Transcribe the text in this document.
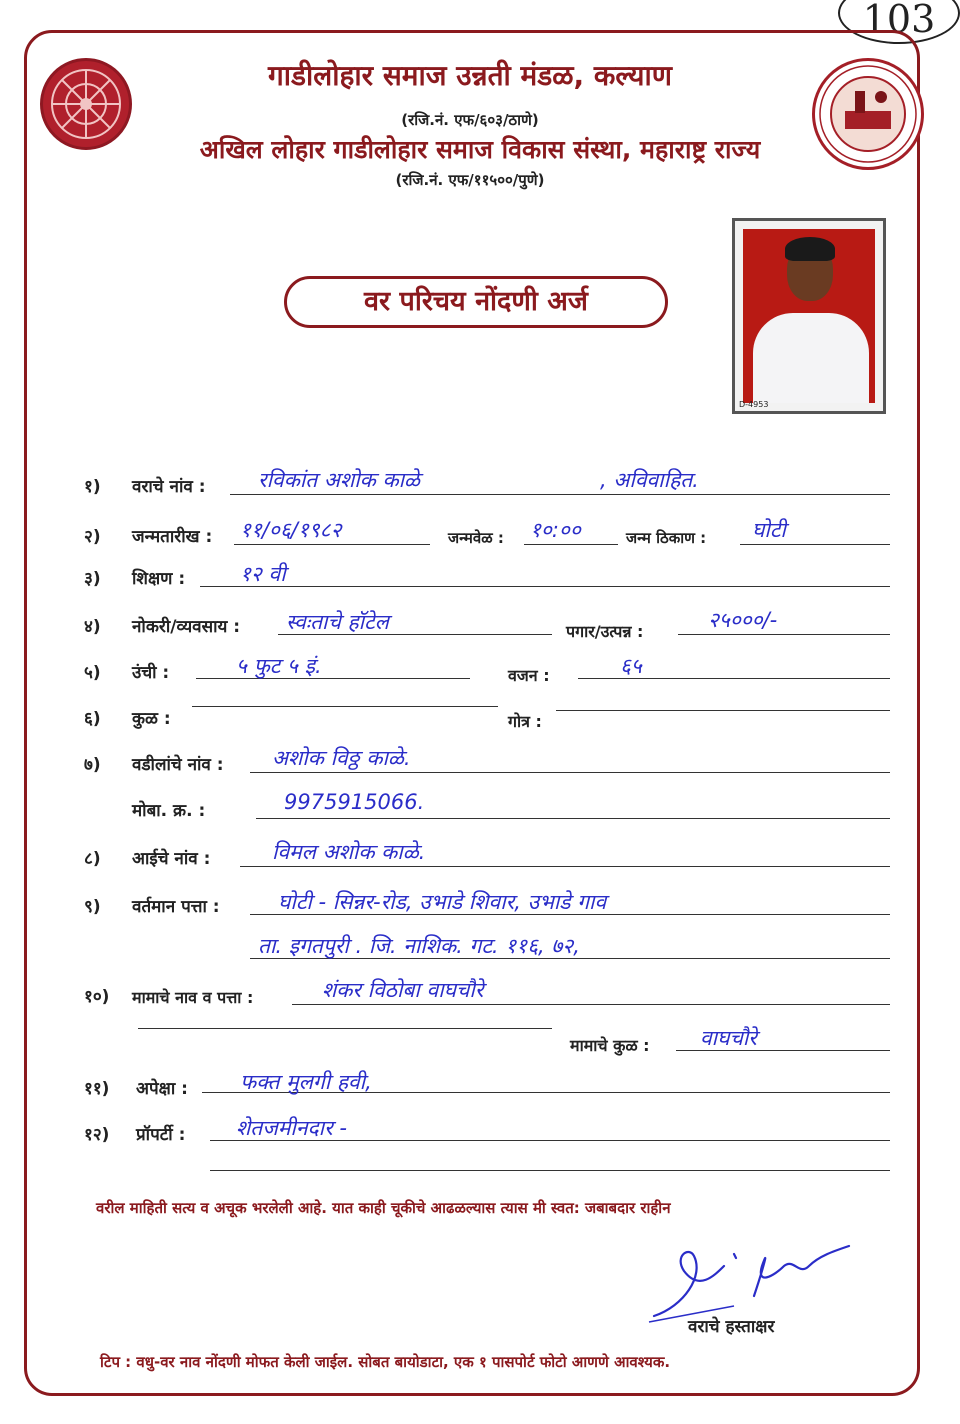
103
गाडीलोहार समाज उन्नती मंडळ, कल्याण
(रजि.नं. एफ/६०३/ठाणे)
अखिल लोहार गाडीलोहार समाज विकास संस्था, महाराष्ट्र राज्य
(रजि.नं. एफ/११५००/पुणे)
वर परिचय नोंदणी अर्ज
D-4953
१) वराचे नांव : रविकांत अशोक काळे	, अविवाहित.
२) जन्मतारीख : ११/०६/१९८२	जन्मवेळ : १०:००	जन्म ठिकाण : घोटी
३) शिक्षण :	१२ वी
४) नोकरी/व्यवसाय : स्वःताचे हॉटेल	पगार/उत्पन्न :	२५०००/-
५) उंची :	५ फुट ५ इं.	वजन :	६५
६) कुळ :	गोत्र :
७) वडीलांचे नांव : अशोक विठ्ठ काळे.
मोबा. क्र. :	9975915066.
८) आईचे नांव :	विमल अशोक काळे.
९) वर्तमान पत्ता :	घोटी - सिन्नर-रोड, उभाडे शिवार, उभाडे गाव
ता. इगतपुरी . जि. नाशिक. गट. ११६, ७२,
१०) मामाचे नाव व पत्ता :	शंकर विठोबा वाघचौरे
मामाचे कुळ : वाघचौरे
११) अपेक्षा : फक्त मुलगी हवी,
१२) प्रॉपर्टी : शेतजमीनदार -
वरील माहिती सत्य व अचूक भरलेली आहे. यात काही चूकीचे आढळल्यास त्यास मी स्वत: जबाबदार राहीन
वराचे हस्ताक्षर
टिप : वधु-वर नाव नोंदणी मोफत केली जाईल. सोबत बायोडाटा, एक १ पासपोर्ट फोटो आणणे आवश्यक.
